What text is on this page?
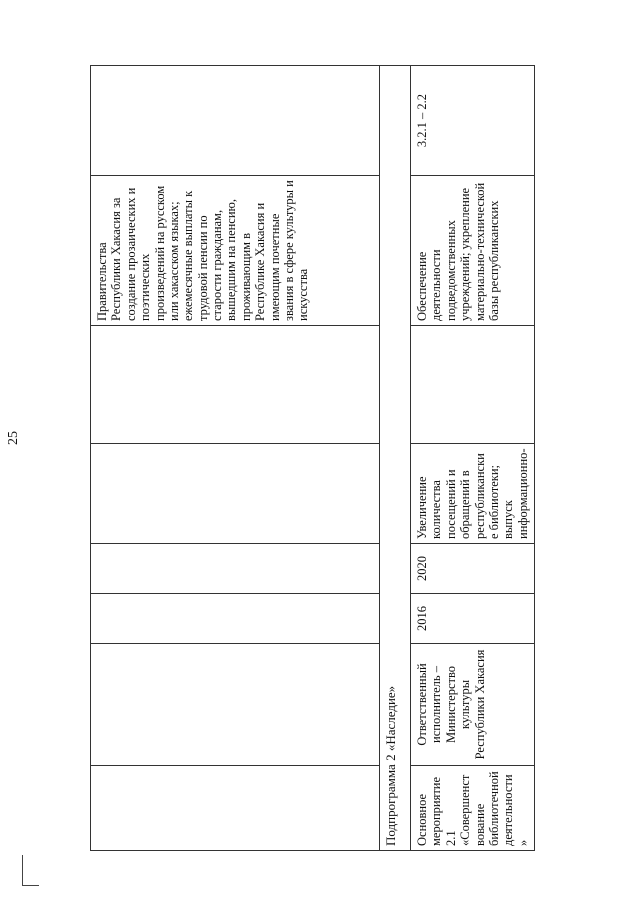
25
						Правительства Республики Хакасия за создание прозаических и поэтических произведений на русском или хакасском языках; ежемесячные выплаты к трудовой пенсии по старости гражданам, вышедшим на пенсию, проживающим в Республике Хакасия и имеющим почетные звания в сфере культуры и искусства	
Подпрограмма 2 «Наследие»							
Основное мероприятие 2.1 «Совершенствование библиотечной деятельности»	Ответственный исполнитель – Министерство культуры Республики Хакасия	2016	2020	Увеличение количества посещений и обращений в республиканские библиотеки; выпуск информационно-		Обеспечение деятельности подведомственных учреждений; укрепление материально-технической базы республиканских	3.2.1 – 2.2
